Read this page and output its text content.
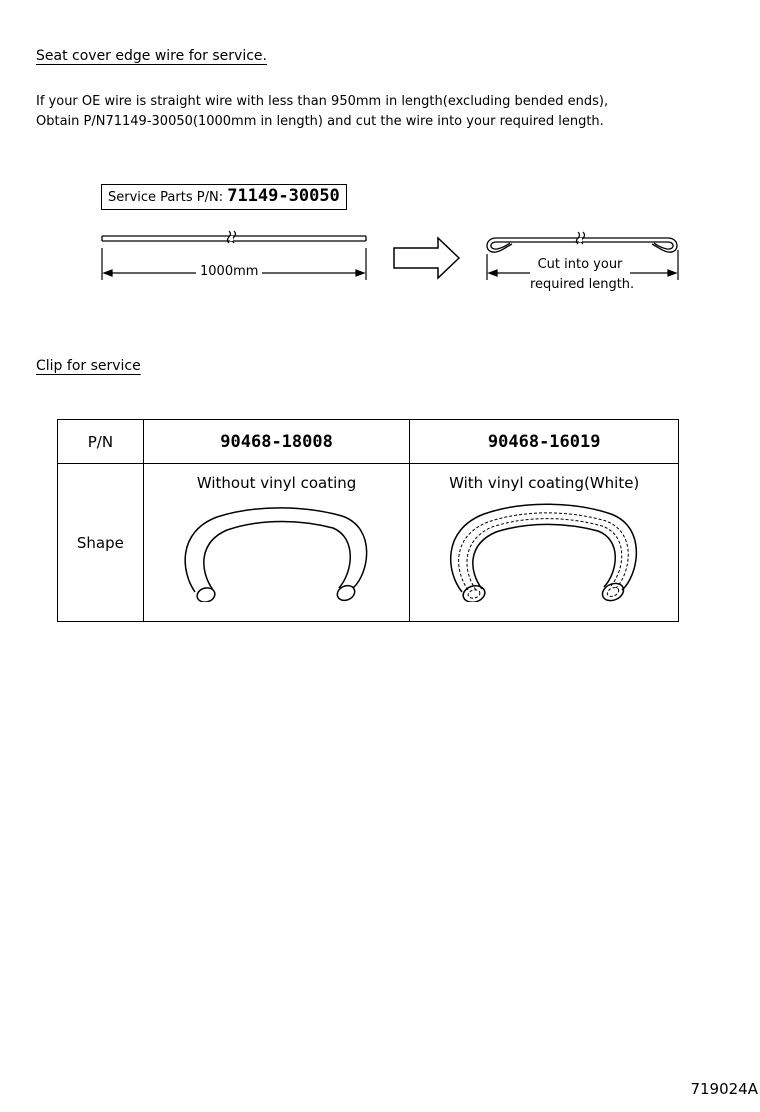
Seat cover edge wire for service.
If your OE wire is straight wire with less than 950mm in length(excluding bended ends),
Obtain P/N71149-30050(1000mm in length) and cut the wire into your required length.
Service Parts P/N: 71149-30050
1000mm	Cut into your
required length.
Clip for service
P/N	90468-18008	90468-16019
Shape	Without vinyl coating	With vinyl coating(White)
719024A
